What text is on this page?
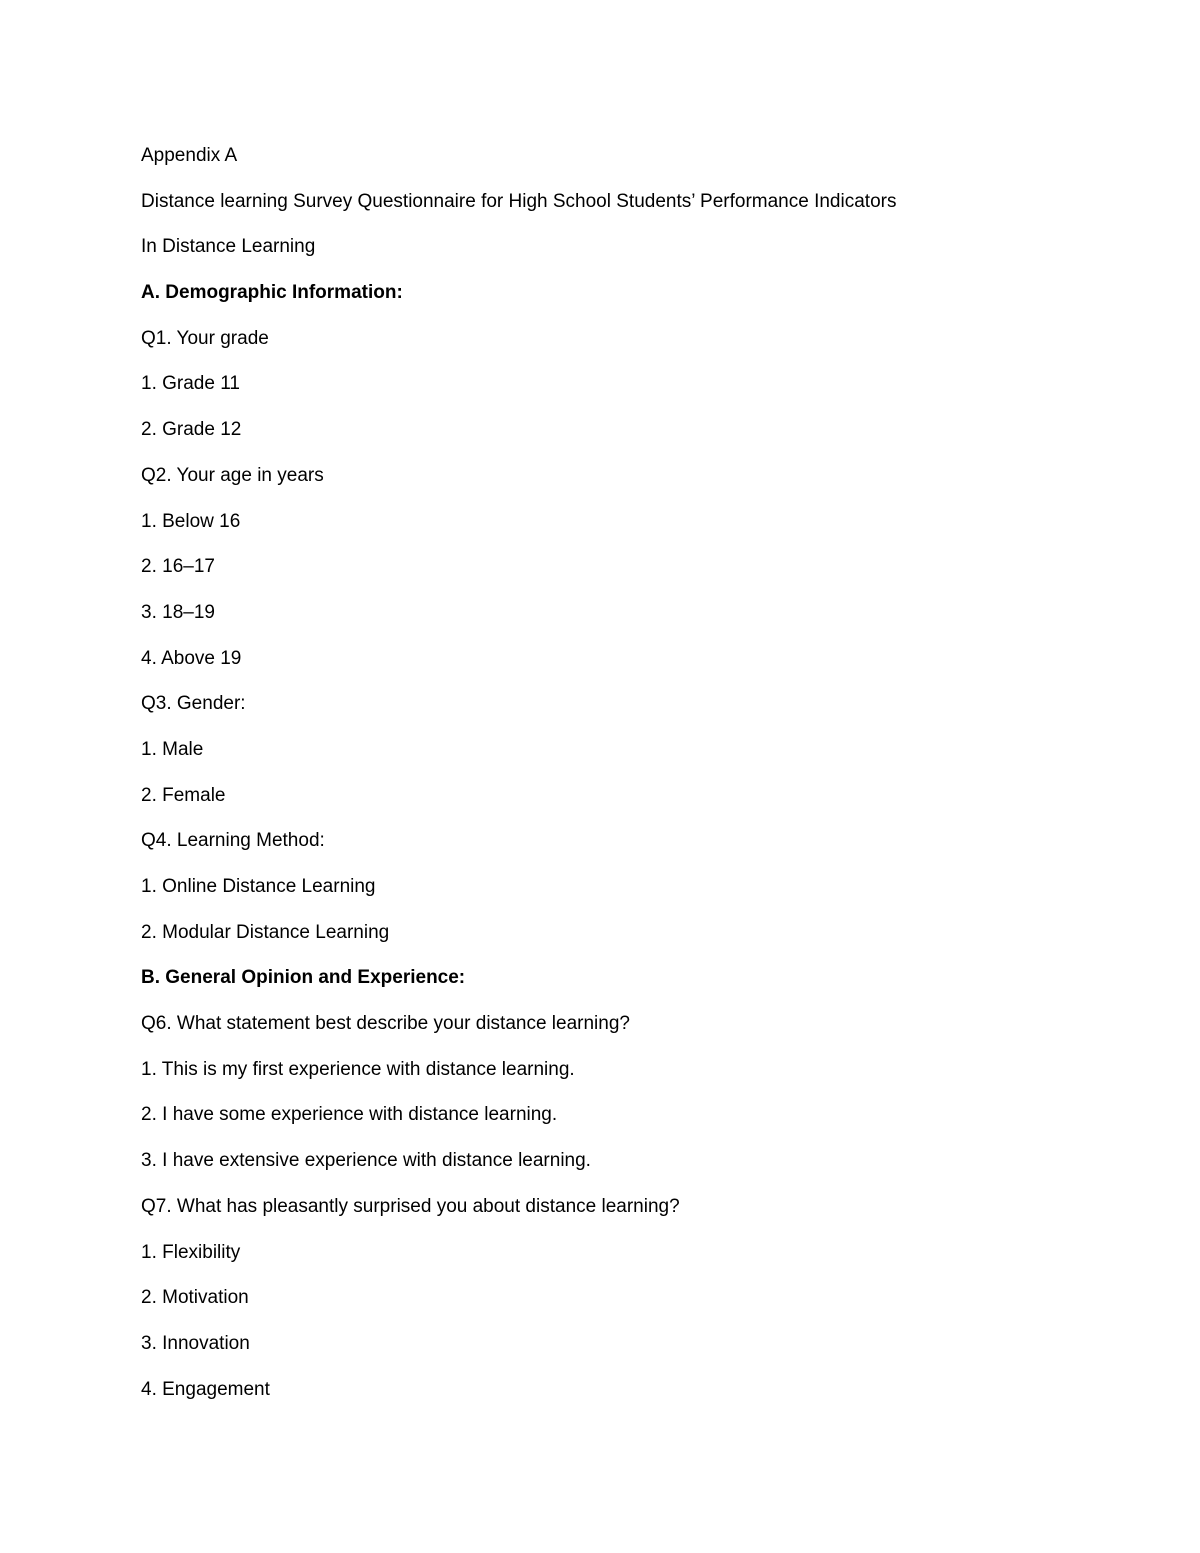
Appendix A
Distance learning Survey Questionnaire for High School Students’ Performance Indicators
In Distance Learning
A. Demographic Information:
Q1. Your grade
1. Grade 11
2. Grade 12
Q2. Your age in years
1. Below 16
2. 16–17
3. 18–19
4. Above 19
Q3. Gender:
1. Male
2. Female
Q4. Learning Method:
1. Online Distance Learning
2. Modular Distance Learning
B. General Opinion and Experience:
Q6. What statement best describe your distance learning?
1. This is my first experience with distance learning.
2. I have some experience with distance learning.
3. I have extensive experience with distance learning.
Q7. What has pleasantly surprised you about distance learning?
1. Flexibility
2. Motivation
3. Innovation
4. Engagement
